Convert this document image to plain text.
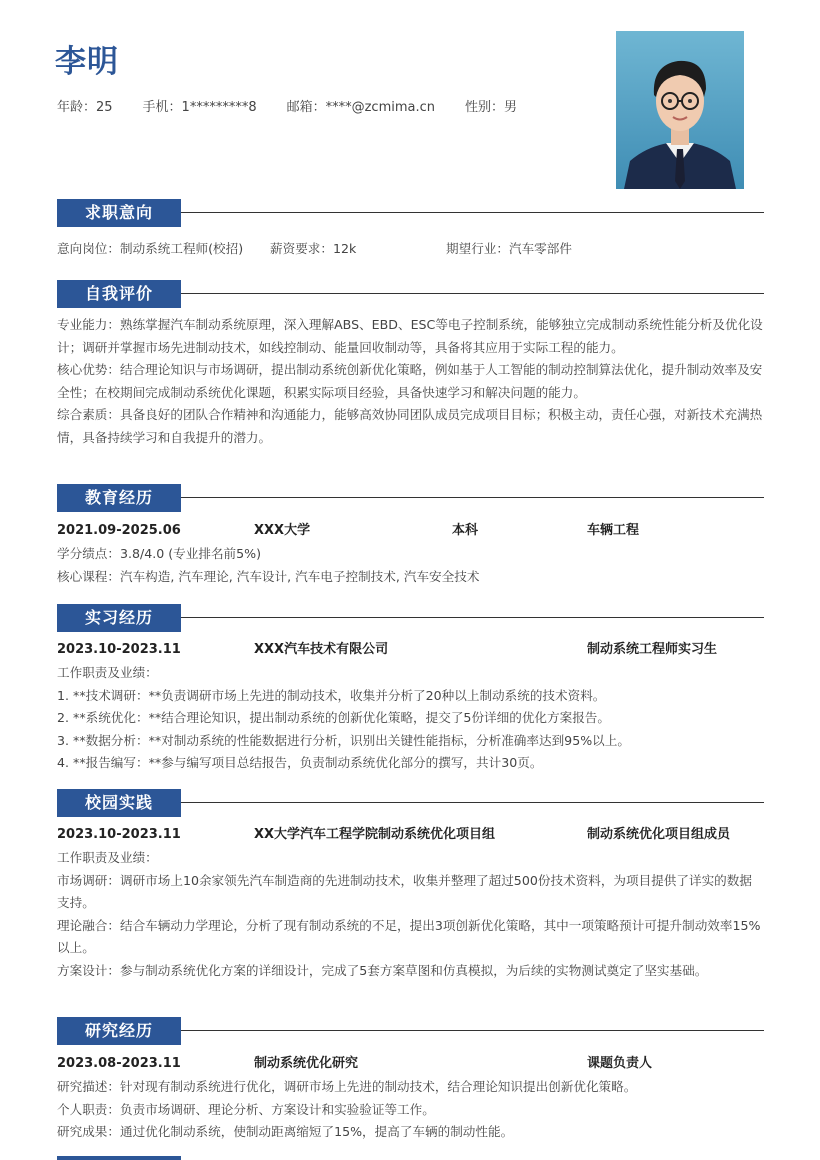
李明
年龄：25 手机：1*********8 邮箱：****@zcmima.cn 性别：男
求职意向
意向岗位：制动系统工程师(校招) 薪资要求：12k	期望行业：汽车零部件
自我评价

专业能力：熟练掌握汽车制动系统原理，深入理解ABS、EBD、ESC等电子控制系统，能够独立完成制动系统性能分析及优化设计；调研并掌握市场先进制动技术，如线控制动、能量回收制动等，具备将其应用于实际工程的能力。

核心优势：结合理论知识与市场调研，提出制动系统创新优化策略，例如基于人工智能的制动控制算法优化，提升制动效率及安全性；在校期间完成制动系统优化课题，积累实际项目经验，具备快速学习和解决问题的能力。

综合素质：具备良好的团队合作精神和沟通能力，能够高效协同团队成员完成项目目标；积极主动，责任心强，对新技术充满热情，具备持续学习和自我提升的潜力。

教育经历
2021.09-2025.06	XXX大学	本科	车辆工程

学分绩点：3.8/4.0 (专业排名前5%)

核心课程：汽车构造, 汽车理论, 汽车设计, 汽车电子控制技术, 汽车安全技术

实习经历
2023.10-2023.11	XXX汽车技术有限公司	制动系统工程师实习生

工作职责及业绩：

1. **技术调研：**负责调研市场上先进的制动技术，收集并分析了20种以上制动系统的技术资料。

2. **系统优化：**结合理论知识，提出制动系统的创新优化策略，提交了5份详细的优化方案报告。

3. **数据分析：**对制动系统的性能数据进行分析，识别出关键性能指标，分析准确率达到95%以上。

4. **报告编写：**参与编写项目总结报告，负责制动系统优化部分的撰写，共计30页。

校园实践
2023.10-2023.11	XX大学汽车工程学院制动系统优化项目组	制动系统优化项目组成员

工作职责及业绩：

市场调研：调研市场上10余家领先汽车制造商的先进制动技术，收集并整理了超过500份技术资料，为项目提供了详实的数据支持。

理论融合：结合车辆动力学理论，分析了现有制动系统的不足，提出3项创新优化策略，其中一项策略预计可提升制动效率15%以上。

方案设计：参与制动系统优化方案的详细设计，完成了5套方案草图和仿真模拟，为后续的实物测试奠定了坚实基础。

研究经历
2023.08-2023.11	制动系统优化研究	课题负责人

研究描述：针对现有制动系统进行优化，调研市场上先进的制动技术，结合理论知识提出创新优化策略。

个人职责：负责市场调研、理论分析、方案设计和实验验证等工作。

研究成果：通过优化制动系统，使制动距离缩短了15%，提高了车辆的制动性能。
